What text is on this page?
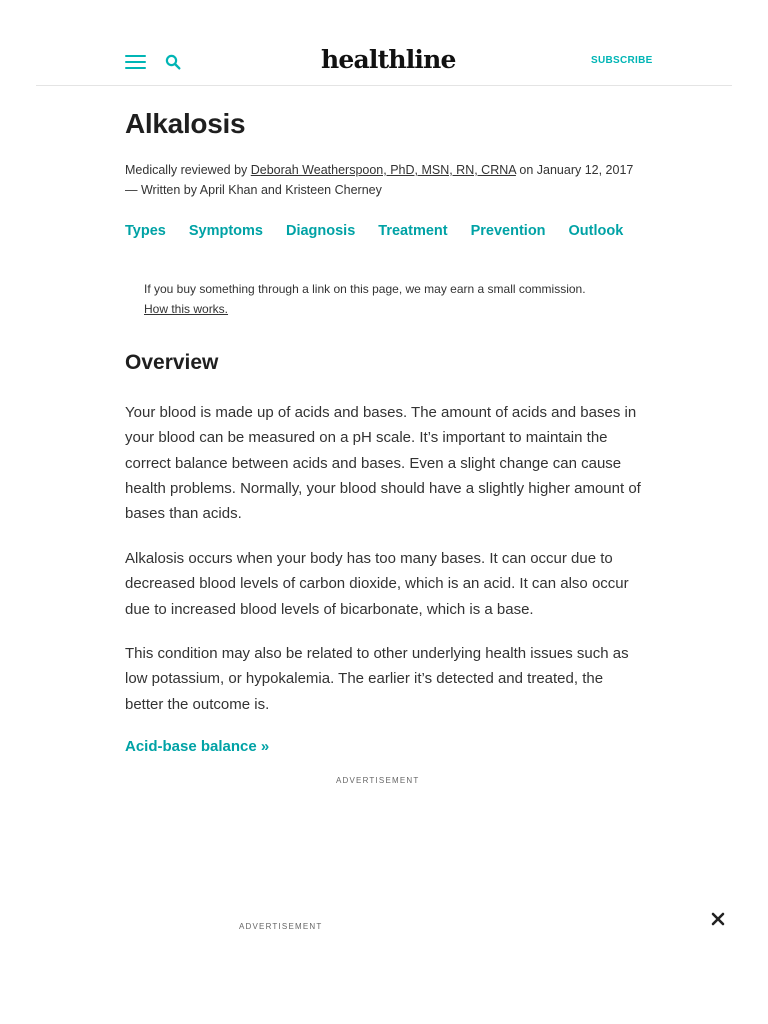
healthline	SUBSCRIBE
Alkalosis
Medically reviewed by Deborah Weatherspoon, PhD, MSN, RN, CRNA on January 12, 2017
— Written by April Khan and Kristeen Cherney
Types Symptoms Diagnosis Treatment Prevention Outlook
If you buy something through a link on this page, we may earn a small commission.
How this works.
Overview

Your blood is made up of acids and bases. The amount of acids and bases in your blood can be measured on a pH scale. It’s important to maintain the correct balance between acids and bases. Even a slight change can cause health problems. Normally, your blood should have a slightly higher amount of bases than acids.

Alkalosis occurs when your body has too many bases. It can occur due to decreased blood levels of carbon dioxide, which is an acid. It can also occur due to increased blood levels of bicarbonate, which is a base.

This condition may also be related to other underlying health issues such as low potassium, or hypokalemia. The earlier it’s detected and treated, the better the outcome is.

Acid-base balance »
ADVERTISEMENT
ADVERTISEMENT
